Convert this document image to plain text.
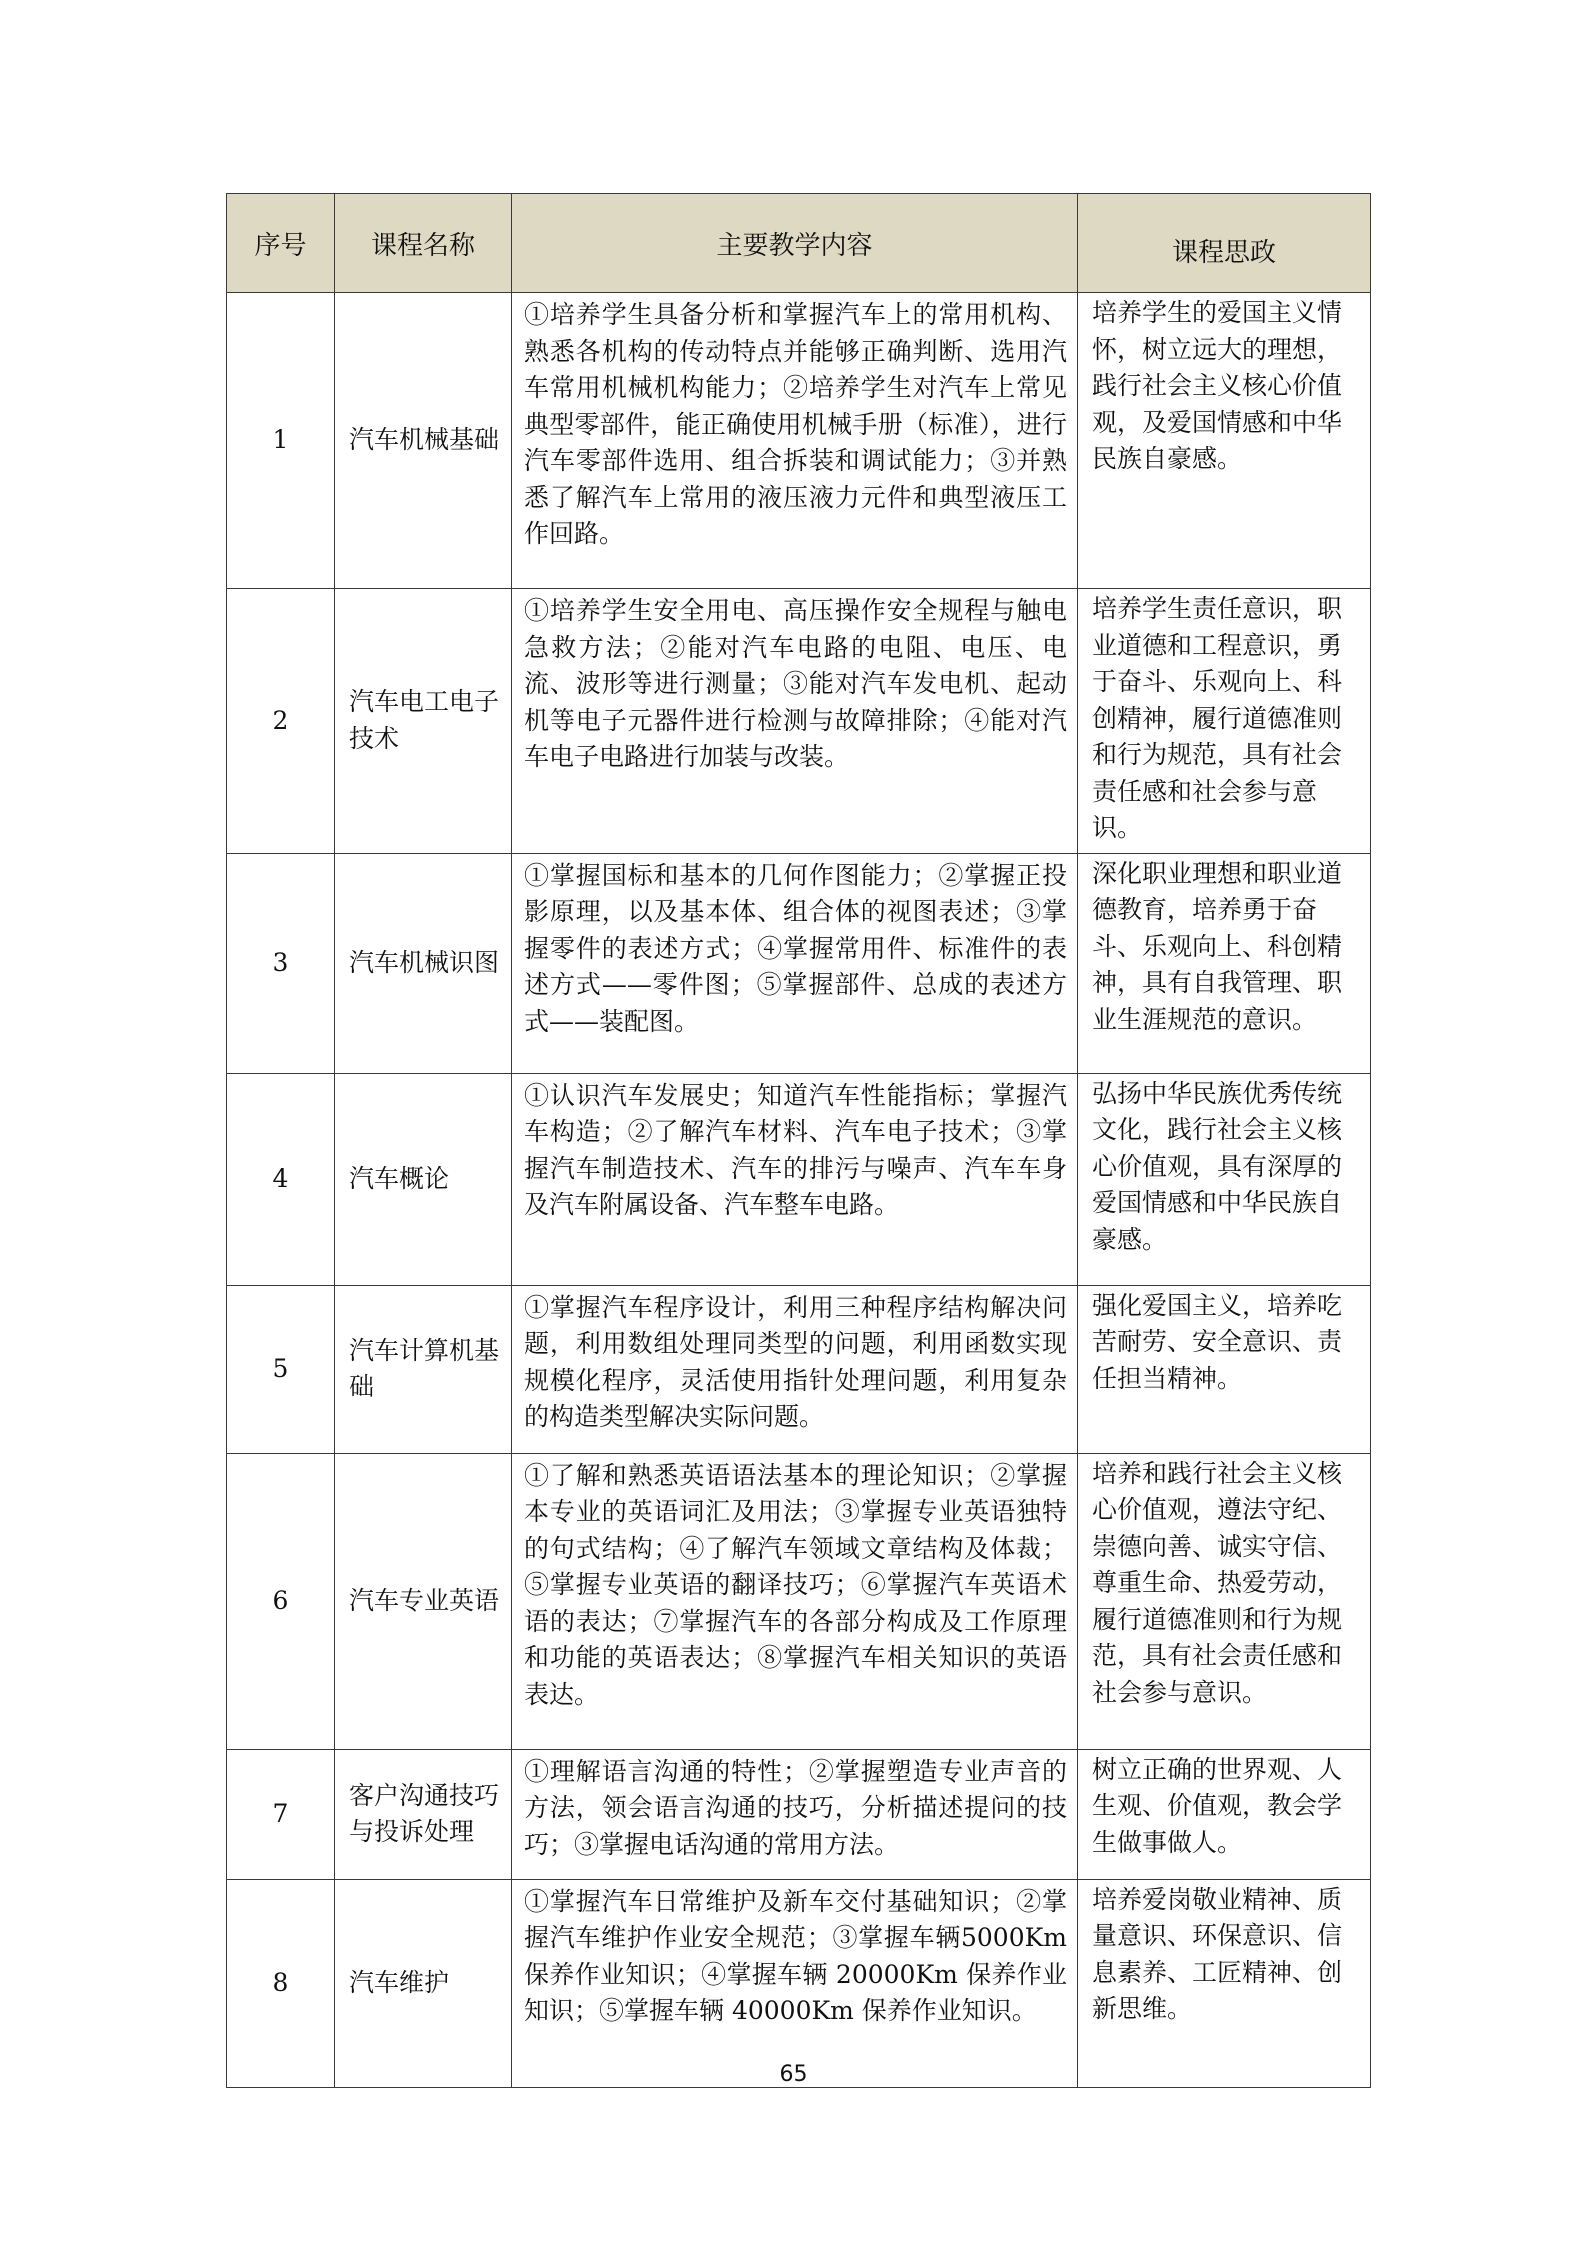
序号	课程名称	主要教学内容	课程思政
1	汽车机械基础	①培养学生具备分析和掌握汽车上的常用机构、熟悉各机构的传动特点并能够正确判断、选用汽车常用机械机构能力；②培养学生对汽车上常见典型零部件，能正确使用机械手册（标准），进行汽车零部件选用、组合拆装和调试能力；③并熟悉了解汽车上常用的液压液力元件和典型液压工作回路。	培养学生的爱国主义情怀，树立远大的理想，践行社会主义核心价值观，及爱国情感和中华民族自豪感。
2	汽车电工电子技术	①培养学生安全用电、高压操作安全规程与触电急救方法；②能对汽车电路的电阻、电压、电流、波形等进行测量；③能对汽车发电机、起动机等电子元器件进行检测与故障排除；④能对汽车电子电路进行加装与改装。	培养学生责任意识，职业道德和工程意识，勇于奋斗、乐观向上、科创精神，履行道德准则和行为规范，具有社会责任感和社会参与意识。
3	汽车机械识图	①掌握国标和基本的几何作图能力；②掌握正投影原理，以及基本体、组合体的视图表述；③掌握零件的表述方式；④掌握常用件、标准件的表述方式——零件图；⑤掌握部件、总成的表述方式——装配图。	深化职业理想和职业道德教育，培养勇于奋斗、乐观向上、科创精神，具有自我管理、职业生涯规范的意识。
4	汽车概论	①认识汽车发展史；知道汽车性能指标；掌握汽车构造；②了解汽车材料、汽车电子技术；③掌握汽车制造技术、汽车的排污与噪声、汽车车身及汽车附属设备、汽车整车电路。	弘扬中华民族优秀传统文化，践行社会主义核心价值观，具有深厚的爱国情感和中华民族自豪感。
5	汽车计算机基础	①掌握汽车程序设计，利用三种程序结构解决问题，利用数组处理同类型的问题，利用函数实现规模化程序，灵活使用指针处理问题，利用复杂的构造类型解决实际问题。	强化爱国主义，培养吃苦耐劳、安全意识、责任担当精神。
6	汽车专业英语	①了解和熟悉英语语法基本的理论知识；②掌握本专业的英语词汇及用法；③掌握专业英语独特的句式结构；④了解汽车领域文章结构及体裁；⑤掌握专业英语的翻译技巧；⑥掌握汽车英语术语的表达；⑦掌握汽车的各部分构成及工作原理和功能的英语表达；⑧掌握汽车相关知识的英语表达。	培养和践行社会主义核心价值观，遵法守纪、崇德向善、诚实守信、尊重生命、热爱劳动，履行道德准则和行为规范，具有社会责任感和社会参与意识。
7	客户沟通技巧与投诉处理	①理解语言沟通的特性；②掌握塑造专业声音的方法，领会语言沟通的技巧，分析描述提问的技巧；③掌握电话沟通的常用方法。	树立正确的世界观、人生观、价值观，教会学生做事做人。
8	汽车维护	①掌握汽车日常维护及新车交付基础知识；②掌握汽车维护作业安全规范；③掌握车辆5000Km 保养作业知识；④掌握车辆 20000Km 保养作业知识；⑤掌握车辆 40000Km 保养作业知识。	培养爱岗敬业精神、质量意识、环保意识、信息素养、工匠精神、创新思维。
65
